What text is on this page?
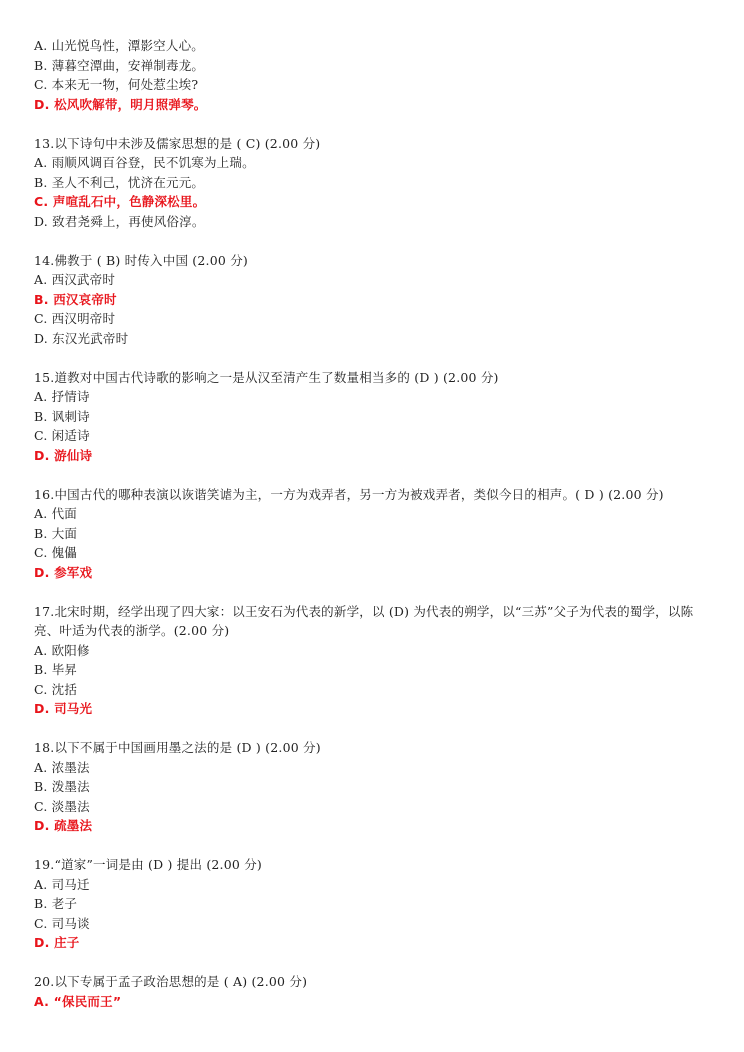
A. 山光悦鸟性，潭影空人心。
B. 薄暮空潭曲，安禅制毒龙。
C. 本来无一物，何处惹尘埃?
D. 松风吹解带，明月照弹琴。
13.以下诗句中未涉及儒家思想的是 ( C) (2.00 分)
A. 雨顺风调百谷登，民不饥寒为上瑞。
B. 圣人不利己，忧济在元元。
C. 声喧乱石中，色静深松里。
D. 致君尧舜上，再使风俗淳。
14.佛教于 ( B) 时传入中国 (2.00 分)
A. 西汉武帝时
B. 西汉哀帝时
C. 西汉明帝时
D. 东汉光武帝时
15.道教对中国古代诗歌的影响之一是从汉至清产生了数量相当多的 (D ) (2.00 分)
A. 抒情诗
B. 讽刺诗
C. 闲适诗
D. 游仙诗
16.中国古代的哪种表演以诙谐笑谑为主，一方为戏弄者，另一方为被戏弄者，类似今日的相声。( D ) (2.00 分)
A. 代面
B. 大面
C. 傀儡
D. 参军戏
17.北宋时期，经学出现了四大家：以王安石为代表的新学，以 (D) 为代表的朔学，以“三苏”父子为代表的蜀学，以陈亮、叶适为代表的浙学。(2.00 分)
A. 欧阳修
B. 毕昇
C. 沈括
D. 司马光
18.以下不属于中国画用墨之法的是 (D ) (2.00 分)
A. 浓墨法
B. 泼墨法
C. 淡墨法
D. 疏墨法
19.“道家”一词是由 (D ) 提出 (2.00 分)
A. 司马迁
B. 老子
C. 司马谈
D. 庄子
20.以下专属于孟子政治思想的是 ( A) (2.00 分)
A. “保民而王”
